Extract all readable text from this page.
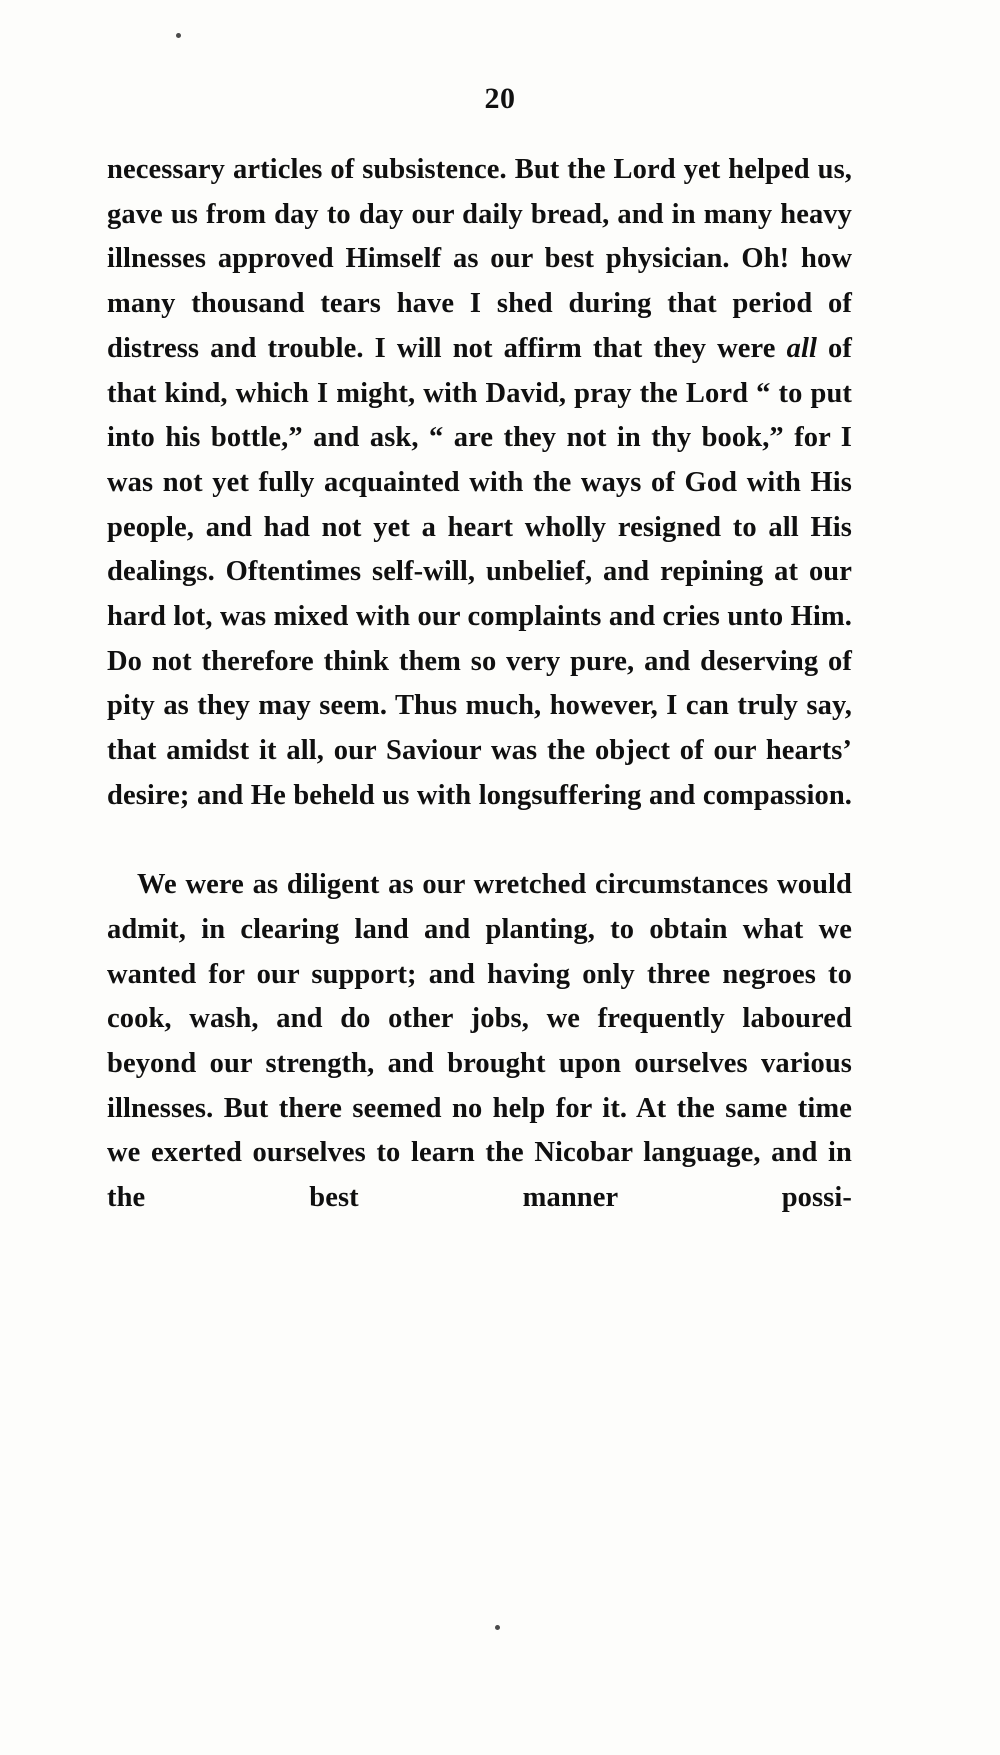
20

necessary articles of subsistence. But the Lord yet helped us, gave us from day to day our daily bread, and in many heavy illnesses approved Himself as our best physician. Oh! how many thousand tears have I shed during that period of distress and trouble. I will not affirm that they were all of that kind, which I might, with David, pray the Lord “ to put into his bottle,” and ask, “ are they not in thy book,” for I was not yet fully acquainted with the ways of God with His people, and had not yet a heart wholly resigned to all His dealings. Oftentimes self-will, unbelief, and repining at our hard lot, was mixed with our complaints and cries unto Him. Do not therefore think them so very pure, and deserving of pity as they may seem. Thus much, however, I can truly say, that amidst it all, our Saviour was the object of our hearts’ desire; and He beheld us with longsuffering and compassion.

We were as diligent as our wretched circumstances would admit, in clearing land and planting, to obtain what we wanted for our support; and having only three negroes to cook, wash, and do other jobs, we frequently laboured beyond our strength, and brought upon ourselves various illnesses. But there seemed no help for it. At the same time we exerted ourselves to learn the Nicobar language, and in the best manner possi-
